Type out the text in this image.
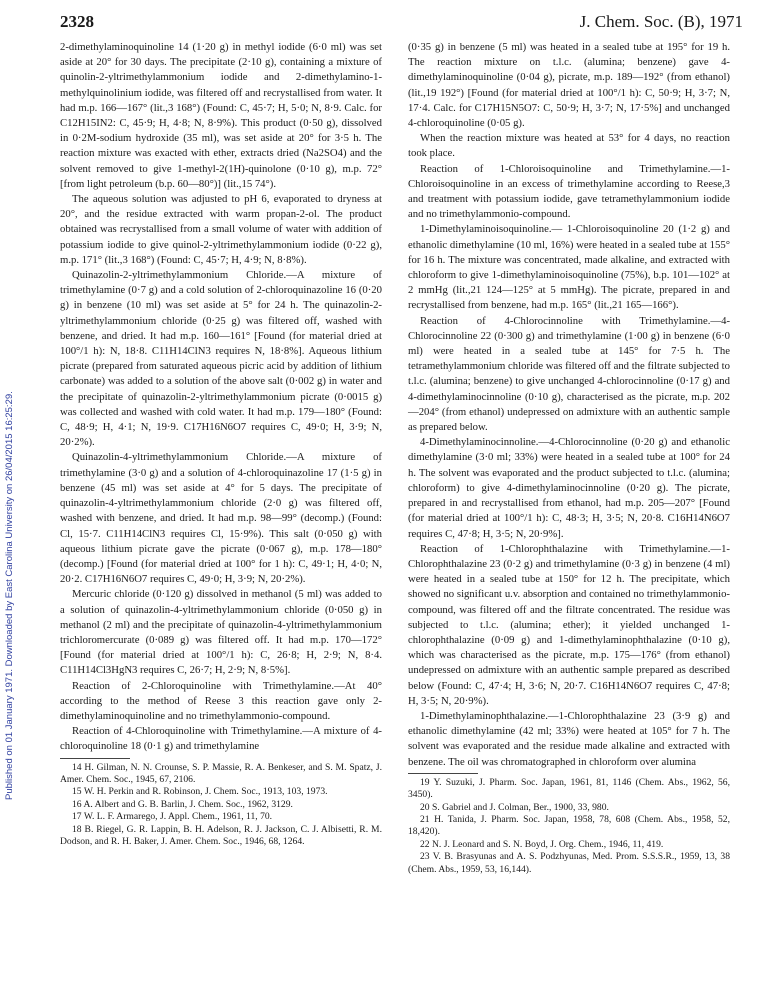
2328	J. Chem. Soc. (B), 1971
Published on 01 January 1971. Downloaded by East Carolina University on 26/04/2015 16:25:29.

2-dimethylaminoquinoline 14 (1·20 g) in methyl iodide (6·0 ml) was set aside at 20° for 30 days. The precipitate (2·10 g), containing a mixture of quinolin-2-yltrimethylammonium iodide and 2-dimethylamino-1-methylquinolinium iodide, was filtered off and recrystallised from water. It had m.p. 166—167° (lit.,3 168°) (Found: C, 45·7; H, 5·0; N, 8·9. Calc. for C12H15IN2: C, 45·9; H, 4·8; N, 8·9%). This product (0·50 g), dissolved in 0·2M-sodium hydroxide (35 ml), was set aside at 20° for 3·5 h. The reaction mixture was exacted with ether, extracts dried (Na2SO4) and the solvent removed to give 1-methyl-2(1H)-quinolone (0·10 g), m.p. 72° [from light petroleum (b.p. 60—80°)] (lit.,15 74°).

The aqueous solution was adjusted to pH 6, evaporated to dryness at 20°, and the residue extracted with warm propan-2-ol. The product obtained was recrystallised from a small volume of water with addition of potassium iodide to give quinol-2-yltrimethylammonium iodide (0·22 g), m.p. 171° (lit.,3 168°) (Found: C, 45·7; H, 4·9; N, 8·8%).

Quinazolin-2-yltrimethylammonium Chloride.—A mixture of trimethylamine (0·7 g) and a cold solution of 2-chloroquinazoline 16 (0·20 g) in benzene (10 ml) was set aside at 5° for 24 h. The quinazolin-2-yltrimethylammonium chloride (0·25 g) was filtered off, washed with benzene, and dried. It had m.p. 160—161° [Found (for material dried at 100°/1 h): N, 18·8. C11H14ClN3 requires N, 18·8%]. Aqueous lithium picrate (prepared from saturated aqueous picric acid by addition of lithium carbonate) was added to a solution of the above salt (0·002 g) in water and the precipitate of quinazolin-2-yltrimethylammonium picrate (0·0015 g) was collected and washed with cold water. It had m.p. 179—180° (Found: C, 48·9; H, 4·1; N, 19·9. C17H16N6O7 requires C, 49·0; H, 3·9; N, 20·2%).

Quinazolin-4-yltrimethylammonium Chloride.—A mixture of trimethylamine (3·0 g) and a solution of 4-chloroquinazoline 17 (1·5 g) in benzene (45 ml) was set aside at 4° for 5 days. The precipitate of quinazolin-4-yltrimethylammonium chloride (2·0 g) was filtered off, washed with benzene, and dried. It had m.p. 98—99° (decomp.) (Found: Cl, 15·7. C11H14ClN3 requires Cl, 15·9%). This salt (0·050 g) with aqueous lithium picrate gave the picrate (0·067 g), m.p. 178—180° (decomp.) [Found (for material dried at 100° for 1 h): C, 49·1; H, 4·0; N, 20·2. C17H16N6O7 requires C, 49·0; H, 3·9; N, 20·2%).

Mercuric chloride (0·120 g) dissolved in methanol (5 ml) was added to a solution of quinazolin-4-yltrimethylammonium chloride (0·050 g) in methanol (2 ml) and the precipitate of quinazolin-4-yltrimethylammonium trichloromercurate (0·089 g) was filtered off. It had m.p. 170—172° [Found (for material dried at 100°/1 h): C, 26·8; H, 2·9; N, 8·4. C11H14Cl3HgN3 requires C, 26·7; H, 2·9; N, 8·5%].

Reaction of 2-Chloroquinoline with Trimethylamine.—At 40° according to the method of Reese 3 this reaction gave only 2-dimethylaminoquinoline and no trimethylammonio-compound.

Reaction of 4-Chloroquinoline with Trimethylamine.—A mixture of 4-chloroquinoline 18 (0·1 g) and trimethylamine

14 H. Gilman, N. N. Crounse, S. P. Massie, R. A. Benkeser, and S. M. Spatz, J. Amer. Chem. Soc., 1945, 67, 2106.

15 W. H. Perkin and R. Robinson, J. Chem. Soc., 1913, 103, 1973.

16 A. Albert and G. B. Barlin, J. Chem. Soc., 1962, 3129.

17 W. L. F. Armarego, J. Appl. Chem., 1961, 11, 70.

18 B. Riegel, G. R. Lappin, B. H. Adelson, R. J. Jackson, C. J. Albisetti, R. M. Dodson, and R. H. Baker, J. Amer. Chem. Soc., 1946, 68, 1264.

(0·35 g) in benzene (5 ml) was heated in a sealed tube at 195° for 19 h. The reaction mixture on t.l.c. (alumina; benzene) gave 4-dimethylaminoquinoline (0·04 g), picrate, m.p. 189—192° (from ethanol) (lit.,19 192°) [Found (for material dried at 100°/1 h): C, 50·9; H, 3·7; N, 17·4. Calc. for C17H15N5O7: C, 50·9; H, 3·7; N, 17·5%] and unchanged 4-chloroquinoline (0·05 g).

When the reaction mixture was heated at 53° for 4 days, no reaction took place.

Reaction of 1-Chloroisoquinoline and Trimethylamine.—1-Chloroisoquinoline in an excess of trimethylamine according to Reese,3 and treatment with potassium iodide, gave tetramethylammonium iodide and no trimethylammonio-compound.

1-Dimethylaminoisoquinoline.— 1-Chloroisoquinoline 20 (1·2 g) and ethanolic dimethylamine (10 ml, 16%) were heated in a sealed tube at 155° for 16 h. The mixture was concentrated, made alkaline, and extracted with chloroform to give 1-dimethylaminoisoquinoline (75%), b.p. 101—102° at 2 mmHg (lit.,21 124—125° at 5 mmHg). The picrate, prepared in and recrystallised from benzene, had m.p. 165° (lit.,21 165—166°).

Reaction of 4-Chlorocinnoline with Trimethylamine.—4-Chlorocinnoline 22 (0·300 g) and trimethylamine (1·00 g) in benzene (6·0 ml) were heated in a sealed tube at 145° for 7·5 h. The tetramethylammonium chloride was filtered off and the filtrate subjected to t.l.c. (alumina; benzene) to give unchanged 4-chlorocinnoline (0·17 g) and 4-dimethylaminocinnoline (0·10 g), characterised as the picrate, m.p. 202—204° (from ethanol) undepressed on admixture with an authentic sample as prepared below.

4-Dimethylaminocinnoline.—4-Chlorocinnoline (0·20 g) and ethanolic dimethylamine (3·0 ml; 33%) were heated in a sealed tube at 100° for 24 h. The solvent was evaporated and the product subjected to t.l.c. (alumina; chloroform) to give 4-dimethylaminocinnoline (0·20 g). The picrate, prepared in and recrystallised from ethanol, had m.p. 205—207° [Found (for material dried at 100°/1 h): C, 48·3; H, 3·5; N, 20·8. C16H14N6O7 requires C, 47·8; H, 3·5; N, 20·9%].

Reaction of 1-Chlorophthalazine with Trimethylamine.—1-Chlorophthalazine 23 (0·2 g) and trimethylamine (0·3 g) in benzene (4 ml) were heated in a sealed tube at 150° for 12 h. The precipitate, which showed no significant u.v. absorption and contained no trimethylammonio-compound, was filtered off and the filtrate concentrated. The residue was subjected to t.l.c. (alumina; ether); it yielded unchanged 1-chlorophthalazine (0·09 g) and 1-dimethylaminophthalazine (0·10 g), which was characterised as the picrate, m.p. 175—176° (from ethanol) undepressed on admixture with an authentic sample prepared as described below (Found: C, 47·4; H, 3·6; N, 20·7. C16H14N6O7 requires C, 47·8; H, 3·5; N, 20·9%).

1-Dimethylaminophthalazine.—1-Chlorophthalazine 23 (3·9 g) and ethanolic dimethylamine (42 ml; 33%) were heated at 105° for 7 h. The solvent was evaporated and the residue made alkaline and extracted with benzene. The oil was chromatographed in chloroform over alumina

19 Y. Suzuki, J. Pharm. Soc. Japan, 1961, 81, 1146 (Chem. Abs., 1962, 56, 3450).

20 S. Gabriel and J. Colman, Ber., 1900, 33, 980.

21 H. Tanida, J. Pharm. Soc. Japan, 1958, 78, 608 (Chem. Abs., 1958, 52, 18,420).

22 N. J. Leonard and S. N. Boyd, J. Org. Chem., 1946, 11, 419.

23 V. B. Brasyunas and A. S. Podzhyunas, Med. Prom. S.S.S.R., 1959, 13, 38 (Chem. Abs., 1959, 53, 16,144).
